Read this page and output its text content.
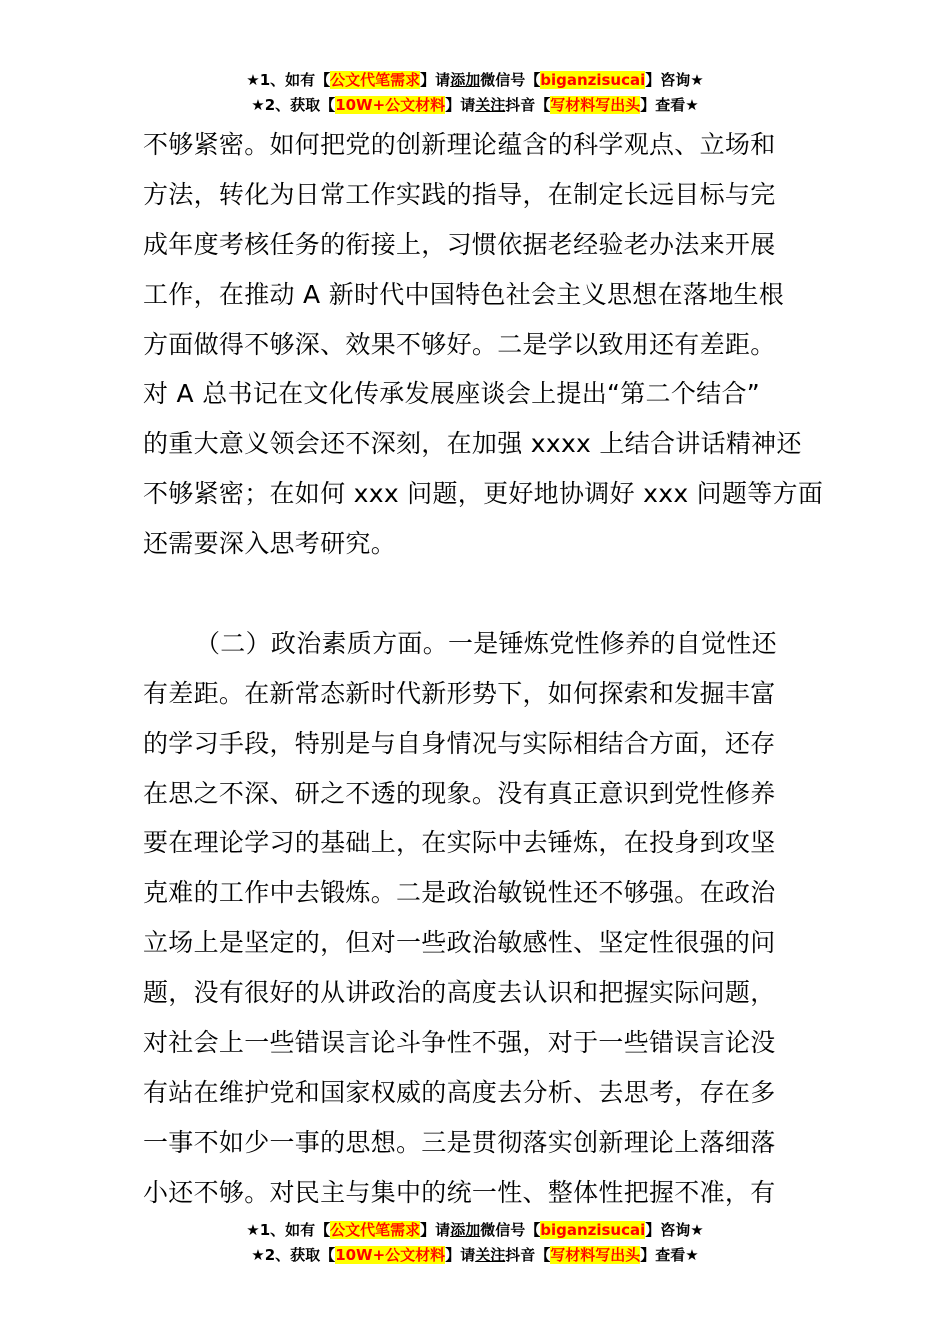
★1、如有【公文代笔需求】请添加微信号【biganzisucai】咨询★
★2、获取【10W+公文材料】请关注抖音【写材料写出头】查看★
不够紧密。如何把党的创新理论蕴含的科学观点、立场和
方法，转化为日常工作实践的指导，在制定长远目标与完
成年度考核任务的衔接上，习惯依据老经验老办法来开展
工作，在推动 A 新时代中国特色社会主义思想在落地生根
方面做得不够深、效果不够好。二是学以致用还有差距。
对 A 总书记在文化传承发展座谈会上提出“第二个结合”
的重大意义领会还不深刻，在加强 xxxx 上结合讲话精神还
不够紧密；在如何 xxx 问题，更好地协调好 xxx 问题等方面
还需要深入思考研究。
（二）政治素质方面。一是锤炼党性修养的自觉性还
有差距。在新常态新时代新形势下，如何探索和发掘丰富
的学习手段，特别是与自身情况与实际相结合方面，还存
在思之不深、研之不透的现象。没有真正意识到党性修养
要在理论学习的基础上，在实际中去锤炼，在投身到攻坚
克难的工作中去锻炼。二是政治敏锐性还不够强。在政治
立场上是坚定的，但对一些政治敏感性、坚定性很强的问
题，没有很好的从讲政治的高度去认识和把握实际问题，
对社会上一些错误言论斗争性不强，对于一些错误言论没
有站在维护党和国家权威的高度去分析、去思考，存在多
一事不如少一事的思想。三是贯彻落实创新理论上落细落
小还不够。对民主与集中的统一性、整体性把握不准，有
★1、如有【公文代笔需求】请添加微信号【biganzisucai】咨询★
★2、获取【10W+公文材料】请关注抖音【写材料写出头】查看★
